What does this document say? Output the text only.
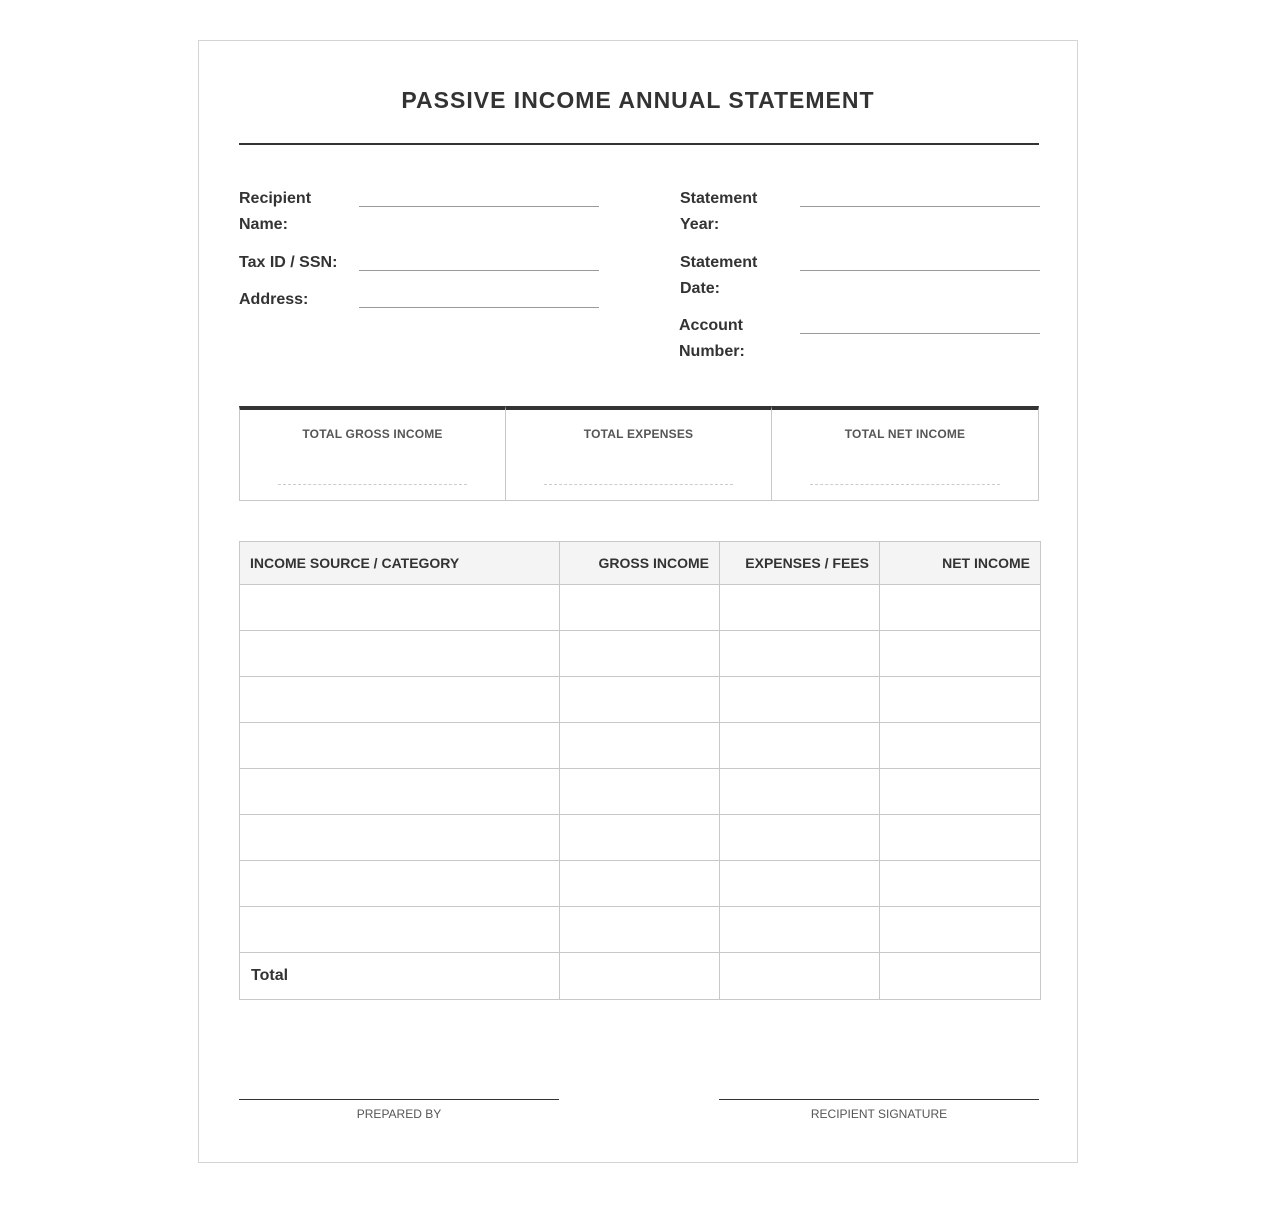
PASSIVE INCOME ANNUAL STATEMENT
Recipient Name:
Tax ID / SSN:
Address:
Statement Year:
Statement Date:
Account Number:
TOTAL GROSS INCOME	TOTAL EXPENSES	TOTAL NET INCOME
INCOME SOURCE / CATEGORY	GROSS INCOME	EXPENSES / FEES	NET INCOME

Total			
PREPARED BY	RECIPIENT SIGNATURE
